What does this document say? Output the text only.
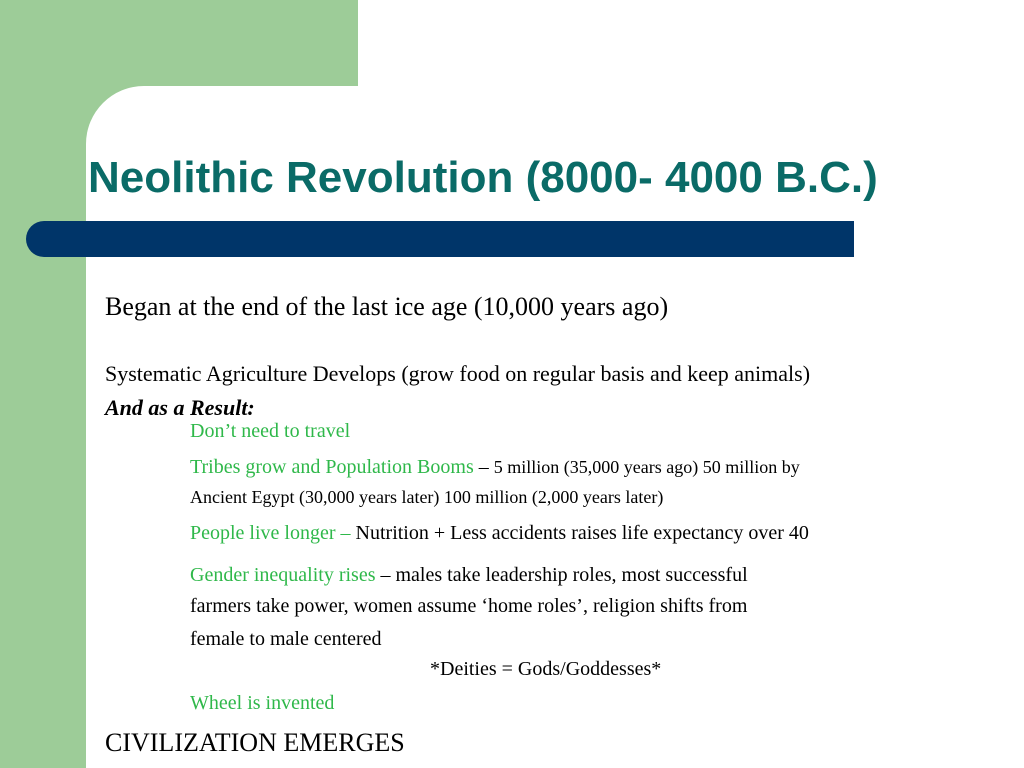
Neolithic Revolution (8000- 4000 B.C.)
Began at the end of the last ice age (10,000 years ago)
Systematic Agriculture Develops (grow food on regular basis and keep animals)
And as a Result:
Don’t need to travel
Tribes grow and Population Booms – 5 million (35,000 years ago) 50 million by
Ancient Egypt (30,000 years later) 100 million (2,000 years later)
People live longer – Nutrition + Less accidents raises life expectancy over 40
Gender inequality rises – males take leadership roles, most successful
farmers take power, women assume ‘home roles’, religion shifts from
female to male centered
*Deities = Gods/Goddesses*
Wheel is invented
CIVILIZATION EMERGES
